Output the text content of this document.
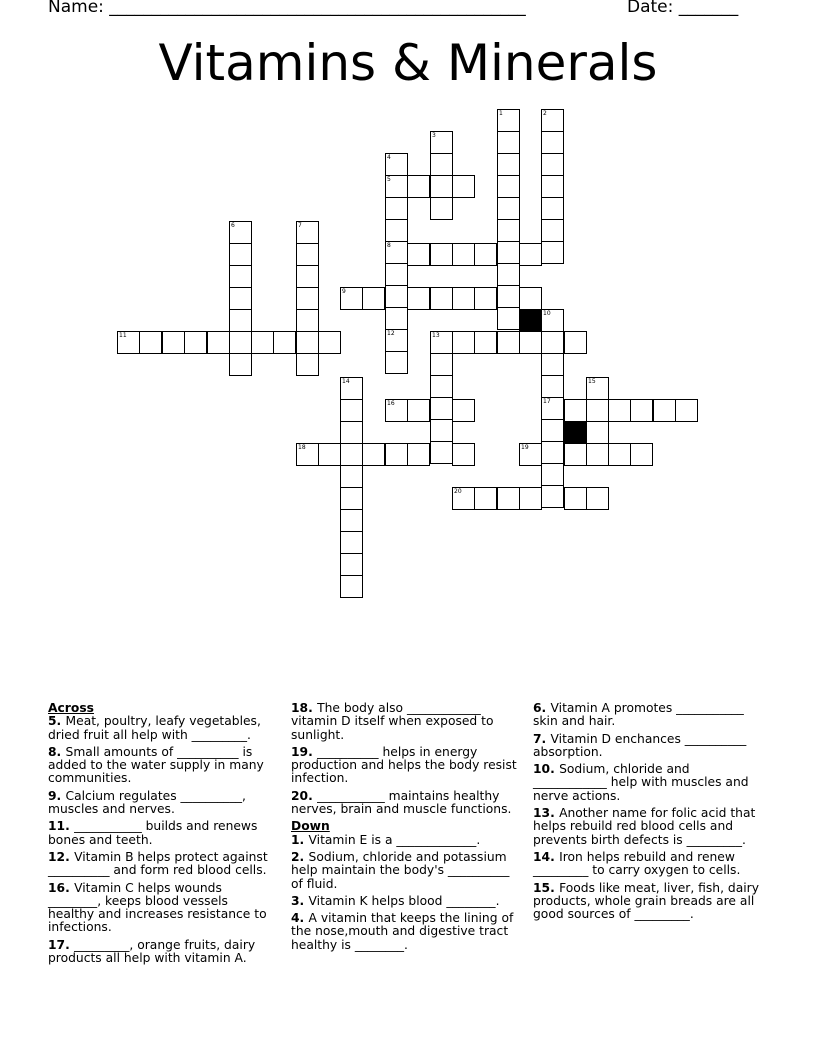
Name: _________________________________________________	Date: _______
Vitamins & Minerals
1	2
3
4
5
8
12
6	7
9
10
11	13
17
14	15
16
18	19
20
Across
5. Meat, poultry, leafy vegetables, dried fruit all help with _________.
8. Small amounts of __________ is added to the water supply in many communities.
9. Calcium regulates __________, muscles and nerves.
11. ___________ builds and renews bones and teeth.
12. Vitamin B helps protect against __________ and form red blood cells.
16. Vitamin C helps wounds ________, keeps blood vessels healthy and increases resistance to infections.
17. _________, orange fruits, dairy products all help with vitamin A.
18. The body also ____________ vitamin D itself when exposed to sunlight.
19. __________ helps in energy production and helps the body resist infection.
20. ___________ maintains healthy nerves, brain and muscle functions.
Down
1. Vitamin E is a _____________.
2. Sodium, chloride and potassium help maintain the body's __________ of fluid.
3. Vitamin K helps blood ________.
4. A vitamin that keeps the lining of the nose,mouth and digestive tract healthy is ________.
6. Vitamin A promotes ___________ skin and hair.
7. Vitamin D enchances __________ absorption.
10. Sodium, chloride and ____________ help with muscles and nerve actions.
13. Another name for folic acid that helps rebuild red blood cells and prevents birth defects is _________.
14. Iron helps rebuild and renew _________ to carry oxygen to cells.
15. Foods like meat, liver, fish, dairy products, whole grain breads are all good sources of _________.
